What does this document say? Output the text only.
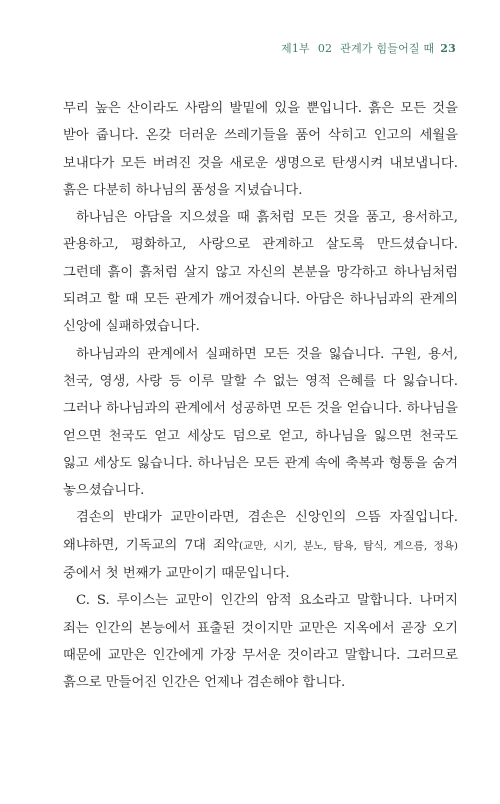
제1부 02 관계가 힘들어질 때 23

무리 높은 산이라도 사람의 발밑에 있을 뿐입니다. 흙은 모든 것을 받아 줍니다. 온갖 더러운 쓰레기들을 품어 삭히고 인고의 세월을 보내다가 모든 버려진 것을 새로운 생명으로 탄생시켜 내보냅니다. 흙은 다분히 하나님의 품성을 지녔습니다.

하나님은 아담을 지으셨을 때 흙처럼 모든 것을 품고, 용서하고, 관용하고, 평화하고, 사랑으로 관계하고 살도록 만드셨습니다. 그런데 흙이 흙처럼 살지 않고 자신의 본분을 망각하고 하나님처럼 되려고 할 때 모든 관계가 깨어졌습니다. 아담은 하나님과의 관계의 신앙에 실패하였습니다.

하나님과의 관계에서 실패하면 모든 것을 잃습니다. 구원, 용서, 천국, 영생, 사랑 등 이루 말할 수 없는 영적 은혜를 다 잃습니다. 그러나 하나님과의 관계에서 성공하면 모든 것을 얻습니다. 하나님을 얻으면 천국도 얻고 세상도 덤으로 얻고, 하나님을 잃으면 천국도 잃고 세상도 잃습니다. 하나님은 모든 관계 속에 축복과 형통을 숨겨 놓으셨습니다.

겸손의 반대가 교만이라면, 겸손은 신앙인의 으뜸 자질입니다. 왜냐하면, 기독교의 7대 죄악(교만, 시기, 분노, 탐욕, 탐식, 게으름, 정욕) 중에서 첫 번째가 교만이기 때문입니다.

C. S. 루이스는 교만이 인간의 암적 요소라고 말합니다. 나머지 죄는 인간의 본능에서 표출된 것이지만 교만은 지옥에서 곧장 오기 때문에 교만은 인간에게 가장 무서운 것이라고 말합니다. 그러므로 흙으로 만들어진 인간은 언제나 겸손해야 합니다.
